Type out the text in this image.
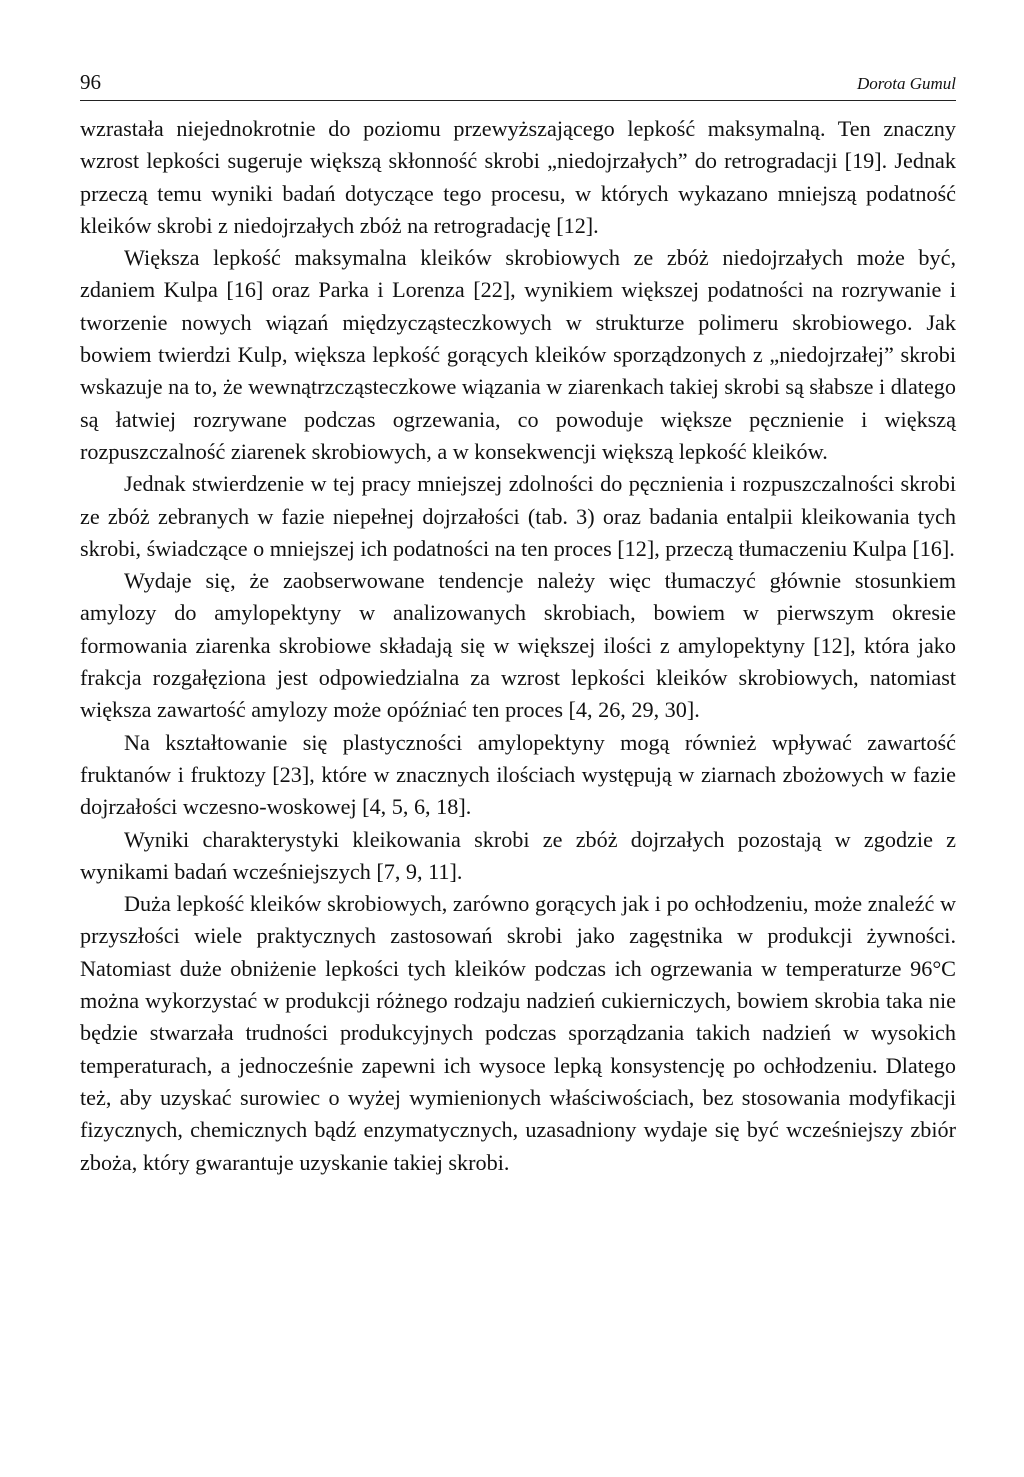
96	Dorota Gumul

wzrastała niejednokrotnie do poziomu przewyższającego lepkość maksymalną. Ten znaczny wzrost lepkości sugeruje większą skłonność skrobi „niedojrzałych” do retrogradacji [19]. Jednak przeczą temu wyniki badań dotyczące tego procesu, w których wykazano mniejszą podatność kleików skrobi z niedojrzałych zbóż na retrogradację [12].

Większa lepkość maksymalna kleików skrobiowych ze zbóż niedojrzałych może być, zdaniem Kulpa [16] oraz Parka i Lorenza [22], wynikiem większej podatności na rozrywanie i tworzenie nowych wiązań międzycząsteczkowych w strukturze polimeru skrobiowego. Jak bowiem twierdzi Kulp, większa lepkość gorących kleików sporządzonych z „niedojrzałej” skrobi wskazuje na to, że wewnątrzcząsteczkowe wiązania w ziarenkach takiej skrobi są słabsze i dlatego są łatwiej rozrywane podczas ogrzewania, co powoduje większe pęcznienie i większą rozpuszczalność ziarenek skrobiowych, a w konsekwencji większą lepkość kleików.

Jednak stwierdzenie w tej pracy mniejszej zdolności do pęcznienia i rozpuszczalności skrobi ze zbóż zebranych w fazie niepełnej dojrzałości (tab. 3) oraz badania entalpii kleikowania tych skrobi, świadczące o mniejszej ich podatności na ten proces [12], przeczą tłumaczeniu Kulpa [16].

Wydaje się, że zaobserwowane tendencje należy więc tłumaczyć głównie stosunkiem amylozy do amylopektyny w analizowanych skrobiach, bowiem w pierwszym okresie formowania ziarenka skrobiowe składają się w większej ilości z amylopektyny [12], która jako frakcja rozgałęziona jest odpowiedzialna za wzrost lepkości kleików skrobiowych, natomiast większa zawartość amylozy może opóźniać ten proces [4, 26, 29, 30].

Na kształtowanie się plastyczności amylopektyny mogą również wpływać zawartość fruktanów i fruktozy [23], które w znacznych ilościach występują w ziarnach zbożowych w fazie dojrzałości wczesno-woskowej [4, 5, 6, 18].

Wyniki charakterystyki kleikowania skrobi ze zbóż dojrzałych pozostają w zgodzie z wynikami badań wcześniejszych [7, 9, 11].

Duża lepkość kleików skrobiowych, zarówno gorących jak i po ochłodzeniu, może znaleźć w przyszłości wiele praktycznych zastosowań skrobi jako zagęstnika w produkcji żywności. Natomiast duże obniżenie lepkości tych kleików podczas ich ogrzewania w temperaturze 96°C można wykorzystać w produkcji różnego rodzaju nadzień cukierniczych, bowiem skrobia taka nie będzie stwarzała trudności produkcyjnych podczas sporządzania takich nadzień w wysokich temperaturach, a jednocześnie zapewni ich wysoce lepką konsystencję po ochłodzeniu. Dlatego też, aby uzyskać surowiec o wyżej wymienionych właściwościach, bez stosowania modyfikacji fizycznych, chemicznych bądź enzymatycznych, uzasadniony wydaje się być wcześniejszy zbiór zboża, który gwarantuje uzyskanie takiej skrobi.
